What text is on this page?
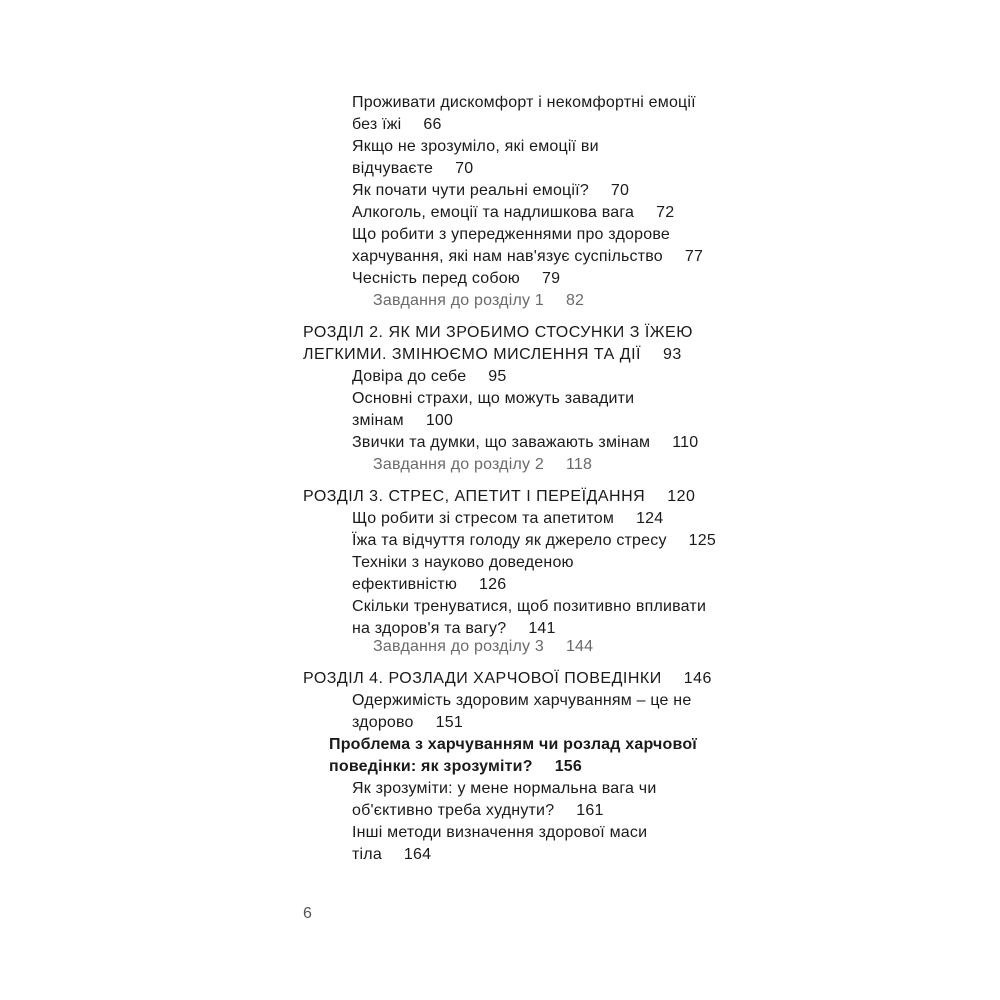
Проживати дискомфорт і некомфортні емоції
без їжі 66
Якщо не зрозуміло, які емоції ви
відчуваєте 70
Як почати чути реальні емоції? 70
Алкоголь, емоції та надлишкова вага 72
Що робити з упередженнями про здорове
харчування, які нам нав'язує суспільство 77
Чесність перед собою 79
Завдання до розділу 1 82
РОЗДІЛ 2. ЯК МИ ЗРОБИМО СТОСУНКИ З ЇЖЕЮ
ЛЕГКИМИ. ЗМІНЮЄМО МИСЛЕННЯ ТА ДІЇ 93
Довіра до себе 95
Основні страхи, що можуть завадити
змінам 100
Звички та думки, що заважають змінам 110
Завдання до розділу 2 118
РОЗДІЛ 3. СТРЕС, АПЕТИТ І ПЕРЕЇДАННЯ 120
Що робити зі стресом та апетитом 124
Їжа та відчуття голоду як джерело стресу 125
Техніки з науково доведеною
ефективністю 126
Скільки тренуватися, щоб позитивно впливати
на здоров'я та вагу? 141
Завдання до розділу 3 144
РОЗДІЛ 4. РОЗЛАДИ ХАРЧОВОЇ ПОВЕДІНКИ 146
Одержимість здоровим харчуванням – це не
здорово 151
Проблема з харчуванням чи розлад харчової
поведінки: як зрозуміти? 156
Як зрозуміти: у мене нормальна вага чи
об'єктивно треба худнути? 161
Інші методи визначення здорової маси
тіла 164
6
